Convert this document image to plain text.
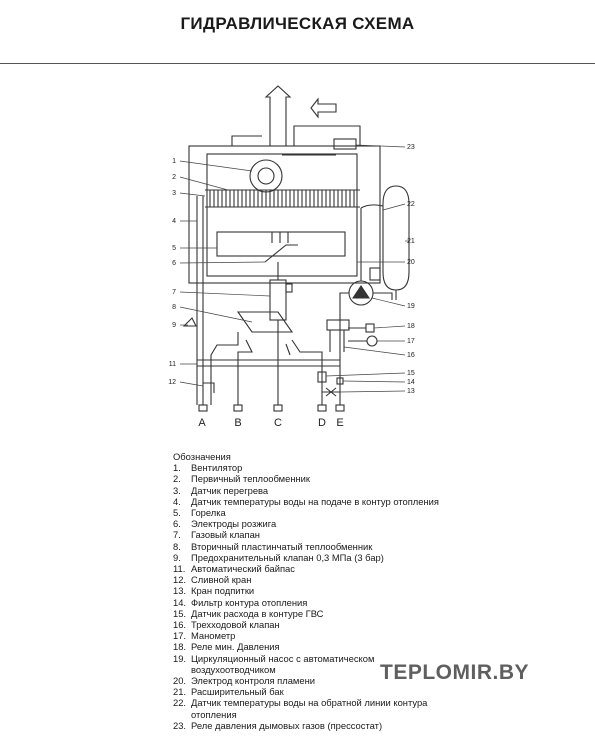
ГИДРАВЛИЧЕСКАЯ СХЕМА
1
2
3
4
5
6
7
8
9
11
12
23
22
21
20
19
18
17
16
15
14
13
A	B	C	D E
Обозначения
1.	Вентилятор
2.	Первичный теплообменник
3.	Датчик перегрева
4.	Датчик температуры воды на подаче в контур отопления
5.	Горелка
6.	Электроды розжига
7.	Газовый клапан
8.	Вторичный пластинчатый теплообменник
9.	Предохранительный клапан 0,3 МПа (3 бар)
11. Автоматический байпас
12. Сливной кран
13. Кран подпитки
14. Фильтр контура отопления
15. Датчик расхода в контуре ГВС
16. Трехходовой клапан
17. Манометр
18. Реле мин. Давления
19. Циркуляционный насос с автоматическом воздухоотводчиком
20. Электрод контроля пламени
21. Расширительный бак
22. Датчик температуры воды на обратной линии контура отопления
23. Реле давления дымовых газов (прессостат)
TEPLOMIR.BY
